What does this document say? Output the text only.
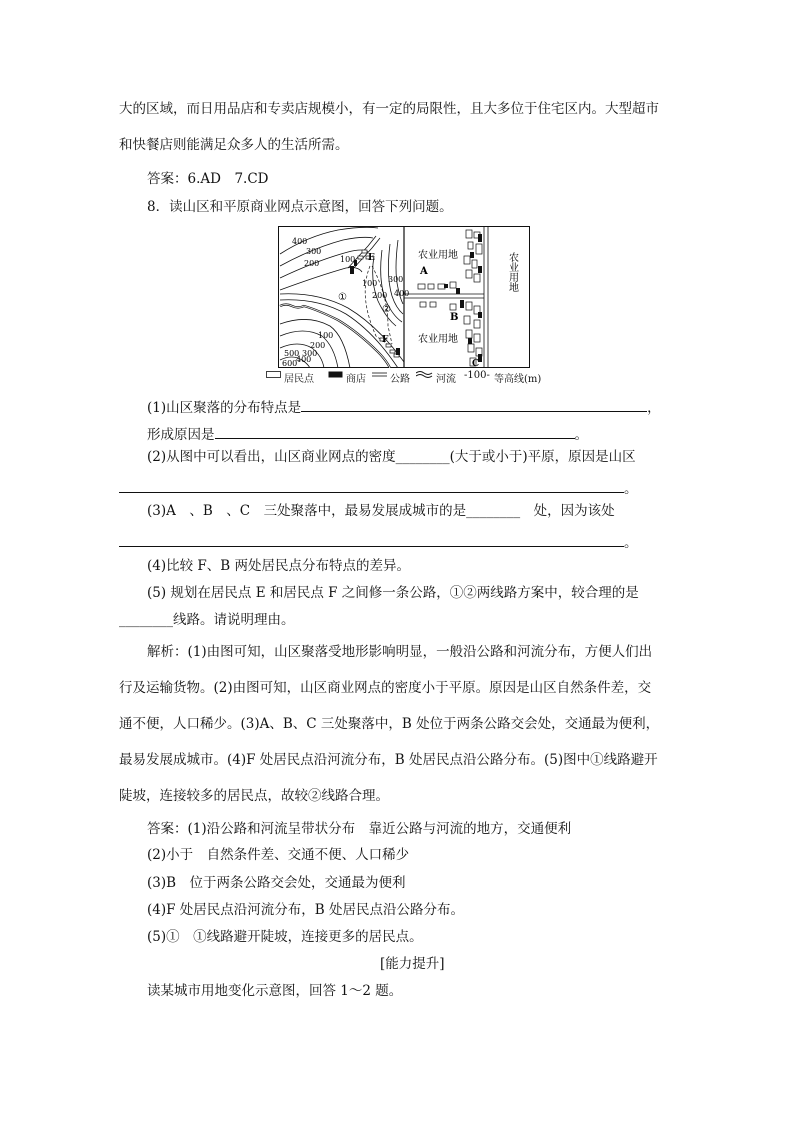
大的区域，而日用品店和专卖店规模小，有一定的局限性，且大多位于住宅区内。大型超市
和快餐店则能满足众多人的生活所需。
答案：6.AD　7.CD
8．读山区和平原商业网点示意图，回答下列问题。
农业用地
农业用地
农业用地
A
B
C
E
F
①
②
400
300
200	100
100
200
300
400
100
200
300
400
500
600
居民点	商店 公路	河流 -100- 等高线(m)
(1)山区聚落的分布特点是	，
形成原因是	。
(2)从图中可以看出，山区商业网点的密度________(大于或小于)平原，原因是山区
。
(3)A　、B　、C　三处聚落中，最易发展成城市的是________　处，因为该处
。
(4)比较 F、B 两处居民点分布特点的差异。
(5) 规划在居民点 E 和居民点 F 之间修一条公路，①②两线路方案中，较合理的是
________线路。请说明理由。
解析：(1)由图可知，山区聚落受地形影响明显，一般沿公路和河流分布，方便人们出
行及运输货物。(2)由图可知，山区商业网点的密度小于平原。原因是山区自然条件差，交
通不便，人口稀少。(3)A、B、C 三处聚落中，B 处位于两条公路交会处，交通最为便利，
最易发展成城市。(4)F 处居民点沿河流分布，B 处居民点沿公路分布。(5)图中①线路避开
陡坡，连接较多的居民点，故较②线路合理。
答案：(1)沿公路和河流呈带状分布　靠近公路与河流的地方，交通便利
(2)小于　自然条件差、交通不便、人口稀少
(3)B　位于两条公路交会处，交通最为便利
(4)F 处居民点沿河流分布，B 处居民点沿公路分布。
(5)①　①线路避开陡坡，连接更多的居民点。
[能力提升]
读某城市用地变化示意图，回答 1～2 题。
